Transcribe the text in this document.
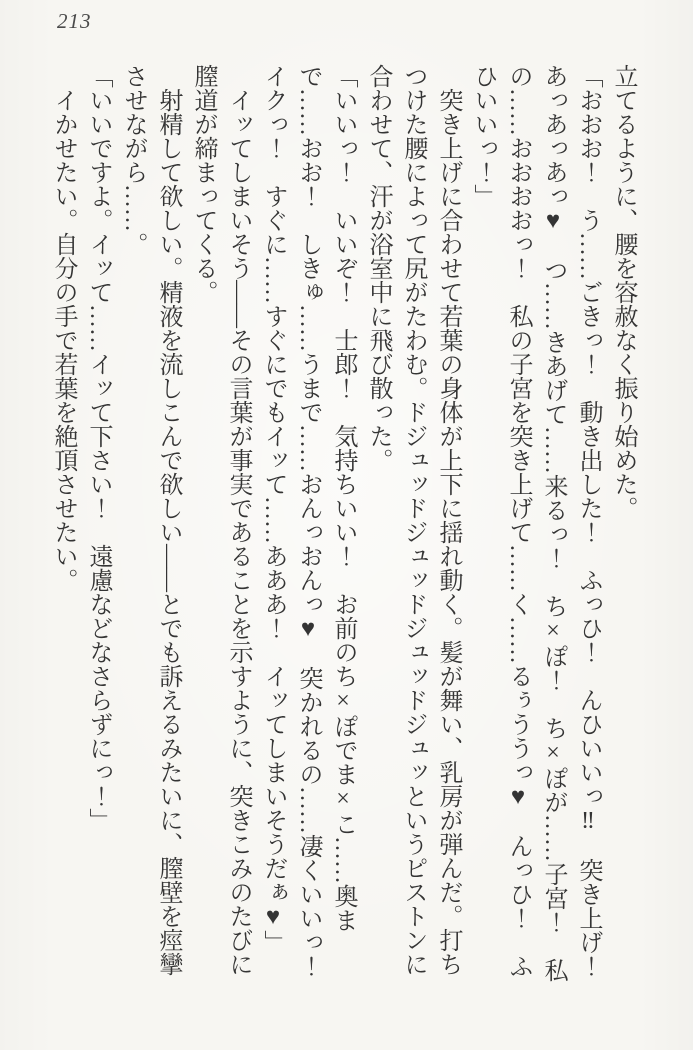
213

立てるように、腰を容赦なく振り始めた。

「おおお！　う……ごきっ！　動き出した！　ふっひ！　んひいいっ‼　突き上げ！あっあっあっ♥　つ……きあげて……来るっ！　ち×ぽ！　ち×ぽが……子宮！　私の……おおおおっ！　私の子宮を突き上げて……く……るぅううっ♥　んっひ！　ふひいいっ！」

突き上げに合わせて若葉の身体が上下に揺れ動く。髪が舞い、乳房が弾んだ。打ちつけた腰によって尻がたわむ。ドジュッドジュッドジュッドジュッというピストンに合わせて、汗が浴室中に飛び散った。

「いいっ！　いいぞ！　士郎！　気持ちいい！　お前のち×ぽでま×こ……奥まで……おお！　しきゅ……うまで……おんっおんっ♥　突かれるの……凄くいいっ！イクっ！　すぐに……すぐにでもイッて……あああ！　イッてしまいそうだぁ♥」

イッてしまいそう——その言葉が事実であることを示すように、突きこみのたびに膣道が締まってくる。

射精して欲しい。精液を流しこんで欲しい——とでも訴えるみたいに、膣壁を痙攣させながら……。

「いいですよ。イッて……イッて下さい！　遠慮などなさらずにっ！」

イかせたい。自分の手で若葉を絶頂させたい。
